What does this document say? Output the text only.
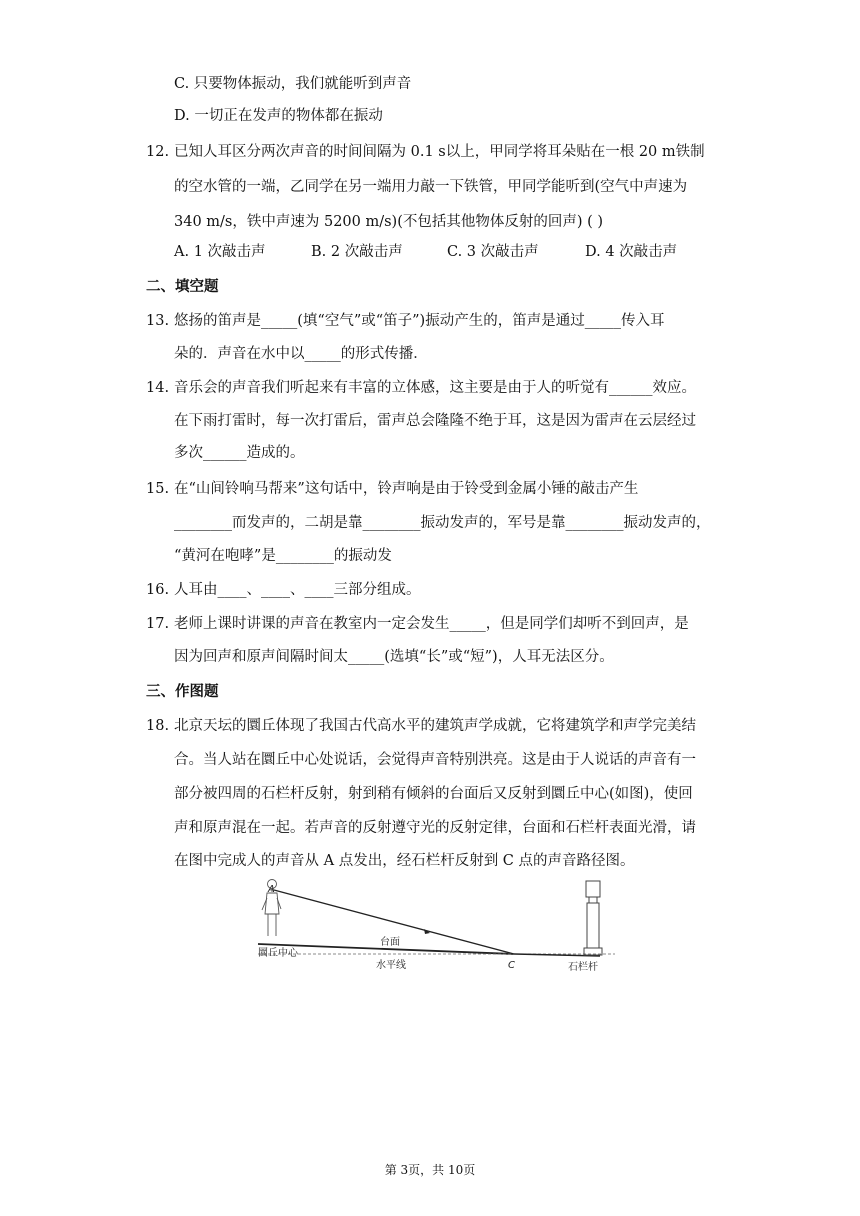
C. 只要物体振动，我们就能听到声音
D. 一切正在发声的物体都在振动
12. 已知人耳区分两次声音的时间间隔为 0.1 s以上，甲同学将耳朵贴在一根 20 m铁制
的空水管的一端，乙同学在另一端用力敲一下铁管，甲同学能听到(空气中声速为
340 m/s，铁中声速为 5200 m/s)(不包括其他物体反射的回声) ( )
A. 1 次敲击声	B. 2 次敲击声	C. 3 次敲击声	D. 4 次敲击声
二、填空题
13. 悠扬的笛声是_____(填“空气”或“笛子”)振动产生的，笛声是通过_____传入耳
朵的．声音在水中以_____的形式传播．
14. 音乐会的声音我们听起来有丰富的立体感，这主要是由于人的听觉有______效应。
在下雨打雷时，每一次打雷后，雷声总会隆隆不绝于耳，这是因为雷声在云层经过
多次______造成的。
15. 在“山间铃响马帮来”这句话中，铃声响是由于铃受到金属小锤的敲击产生
________而发声的，二胡是靠________振动发声的，军号是靠________振动发声的，
“黄河在咆哮”是________的振动发
16. 人耳由____、____、____三部分组成。
17. 老师上课时讲课的声音在教室内一定会发生_____，但是同学们却听不到回声，是
因为回声和原声间隔时间太_____(选填“长”或“短”)，人耳无法区分。
三、作图题
18. 北京天坛的圜丘体现了我国古代高水平的建筑声学成就，它将建筑学和声学完美结
合。当人站在圜丘中心处说话，会觉得声音特别洪亮。这是由于人说话的声音有一
部分被四周的石栏杆反射，射到稍有倾斜的台面后又反射到圜丘中心(如图)，使回
声和原声混在一起。若声音的反射遵守光的反射定律，台面和石栏杆表面光滑，请
在图中完成人的声音从 A 点发出，经石栏杆反射到 C 点的声音路径图。
A
圜丘中心
台面
水平线	C	石栏杆
第 3页，共 10页
